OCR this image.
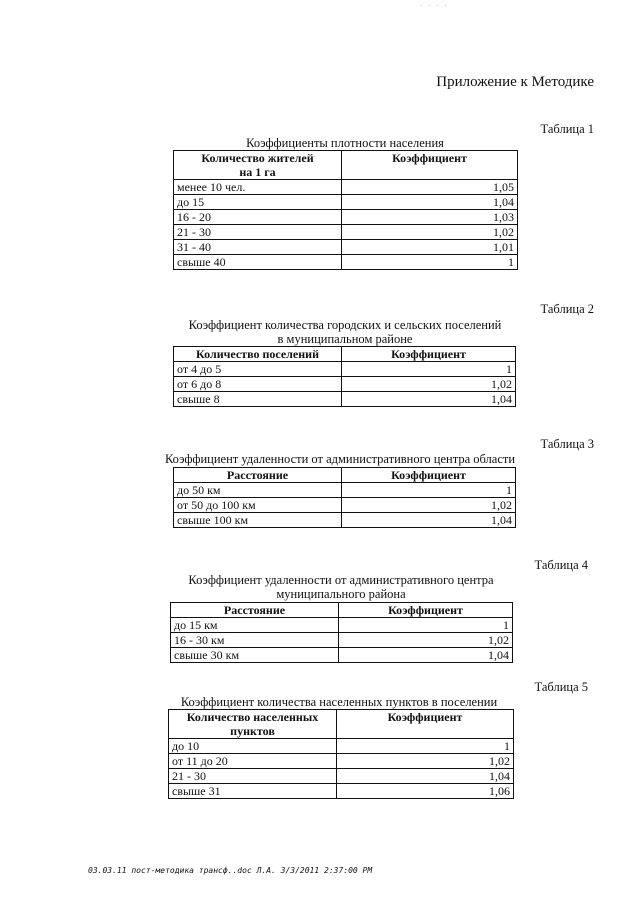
· · · ·
Приложение к Методике
Таблица 1
Коэффициенты плотности населения
Количество жителей
на 1 га	Коэффициент
менее 10 чел.	1,05
до 15	1,04
16 - 20	1,03
21 - 30	1,02
31 - 40	1,01
свыше 40	1
Таблица 2
Коэффициент количества городских и сельских поселений
в муниципальном районе
Количество поселений	Коэффициент
от 4 до 5	1
от 6 до 8	1,02
свыше 8	1,04
Таблица 3
Коэффициент удаленности от административного центра области
Расстояние	Коэффициент
до 50 км	1
от 50 до 100 км	1,02
свыше 100 км	1,04
Таблица 4
Коэффициент удаленности от административного центра
муниципального района
Расстояние	Коэффициент
до 15 км	1
16 - 30 км	1,02
свыше 30 км	1,04
Таблица 5
Коэффициент количества населенных пунктов в поселении
Количество населенных
пунктов	Коэффициент
до 10	1
от 11 до 20	1,02
21 - 30	1,04
свыше 31	1,06
03.03.11 пост-методика трансф..doc Л.А. 3/3/2011 2:37:00 PM
